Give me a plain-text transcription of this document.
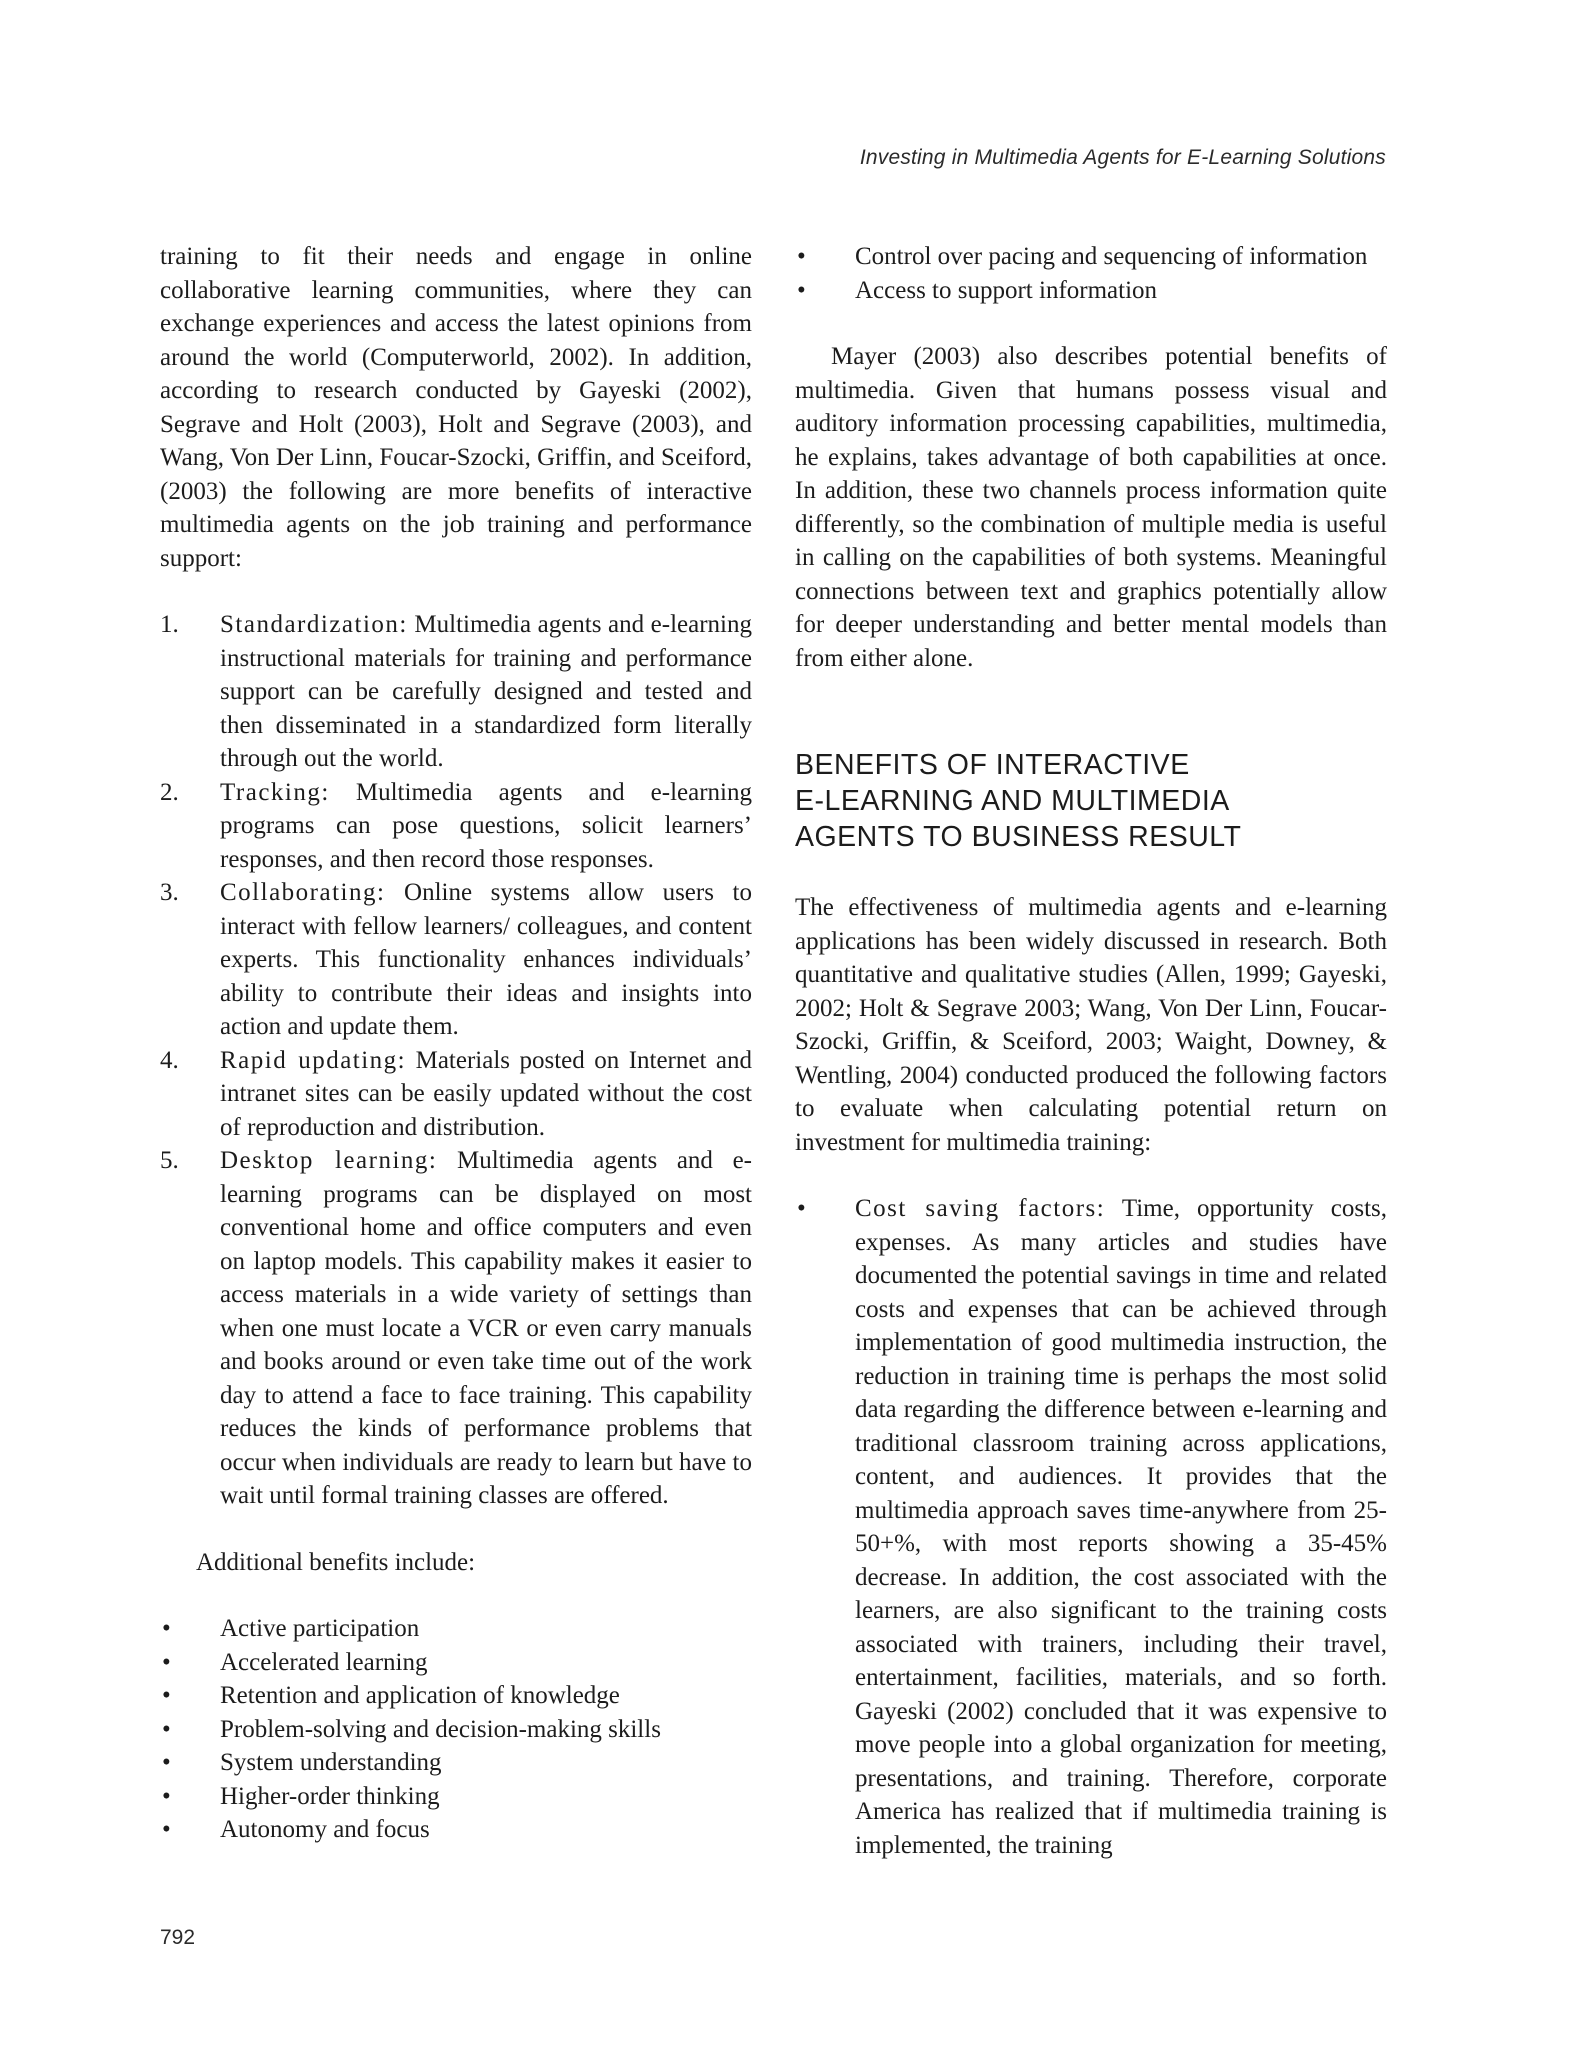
Investing in Multimedia Agents for E-Learning Solutions

training to fit their needs and engage in online collaborative learning communities, where they can exchange experiences and access the latest opinions from around the world (Computerworld, 2002). In addition, according to research conducted by Gayeski (2002), Segrave and Holt (2003), Holt and Segrave (2003), and Wang, Von Der Linn, Foucar-Szocki, Griffin, and Sceiford, (2003) the following are more benefits of interactive multimedia agents on the job training and performance support:

1. Standardization: Multimedia agents and e-learning instructional materials for training and performance support can be carefully designed and tested and then disseminated in a standardized form literally through out the world.
2. Tracking: Multimedia agents and e-learning programs can pose questions, solicit learners’ responses, and then record those responses.
3. Collaborating: Online systems allow users to interact with fellow learners/ colleagues, and content experts. This functionality enhances individuals’ ability to contribute their ideas and insights into action and update them.
4. Rapid updating: Materials posted on Internet and intranet sites can be easily updated without the cost of reproduction and distribution.
5. Desktop learning: Multimedia agents and e-learning programs can be displayed on most conventional home and office computers and even on laptop models. This capability makes it easier to access materials in a wide variety of settings than when one must locate a VCR or even carry manuals and books around or even take time out of the work day to attend a face to face training. This capability reduces the kinds of performance problems that occur when individuals are ready to learn but have to wait until formal training classes are offered.

Additional benefits include:

• Active participation
• Accelerated learning
• Retention and application of knowledge
• Problem-solving and decision-making skills
• System understanding
• Higher-order thinking
• Autonomy and focus
• Control over pacing and sequencing of information
• Access to support information

Mayer (2003) also describes potential benefits of multimedia. Given that humans possess visual and auditory information processing capabilities, multimedia, he explains, takes advantage of both capabilities at once. In addition, these two channels process information quite differently, so the combination of multiple media is useful in calling on the capabilities of both systems. Meaningful connections between text and graphics potentially allow for deeper understanding and better mental models than from either alone.

BENEFITS OF INTERACTIVE
E-LEARNING AND MULTIMEDIA
AGENTS TO BUSINESS RESULT

The effectiveness of multimedia agents and e-learning applications has been widely discussed in research. Both quantitative and qualitative studies (Allen, 1999; Gayeski, 2002; Holt & Segrave 2003; Wang, Von Der Linn, Foucar-Szocki, Griffin, & Sceiford, 2003; Waight, Downey, & Wentling, 2004) conducted produced the following factors to evaluate when calculating potential return on investment for multimedia training:

• Cost saving factors: Time, opportunity costs, expenses. As many articles and studies have documented the potential savings in time and related costs and expenses that can be achieved through implementation of good multimedia instruction, the reduction in training time is perhaps the most solid data regarding the difference between e-learning and traditional classroom training across applications, content, and audiences. It provides that the multimedia approach saves time-anywhere from 25-50+%, with most reports showing a 35-45% decrease. In addition, the cost associated with the learners, are also significant to the training costs associated with trainers, including their travel, entertainment, facilities, materials, and so forth. Gayeski (2002) concluded that it was expensive to move people into a global organization for meeting, presentations, and training. Therefore, corporate America has realized that if multimedia training is implemented, the training
792
